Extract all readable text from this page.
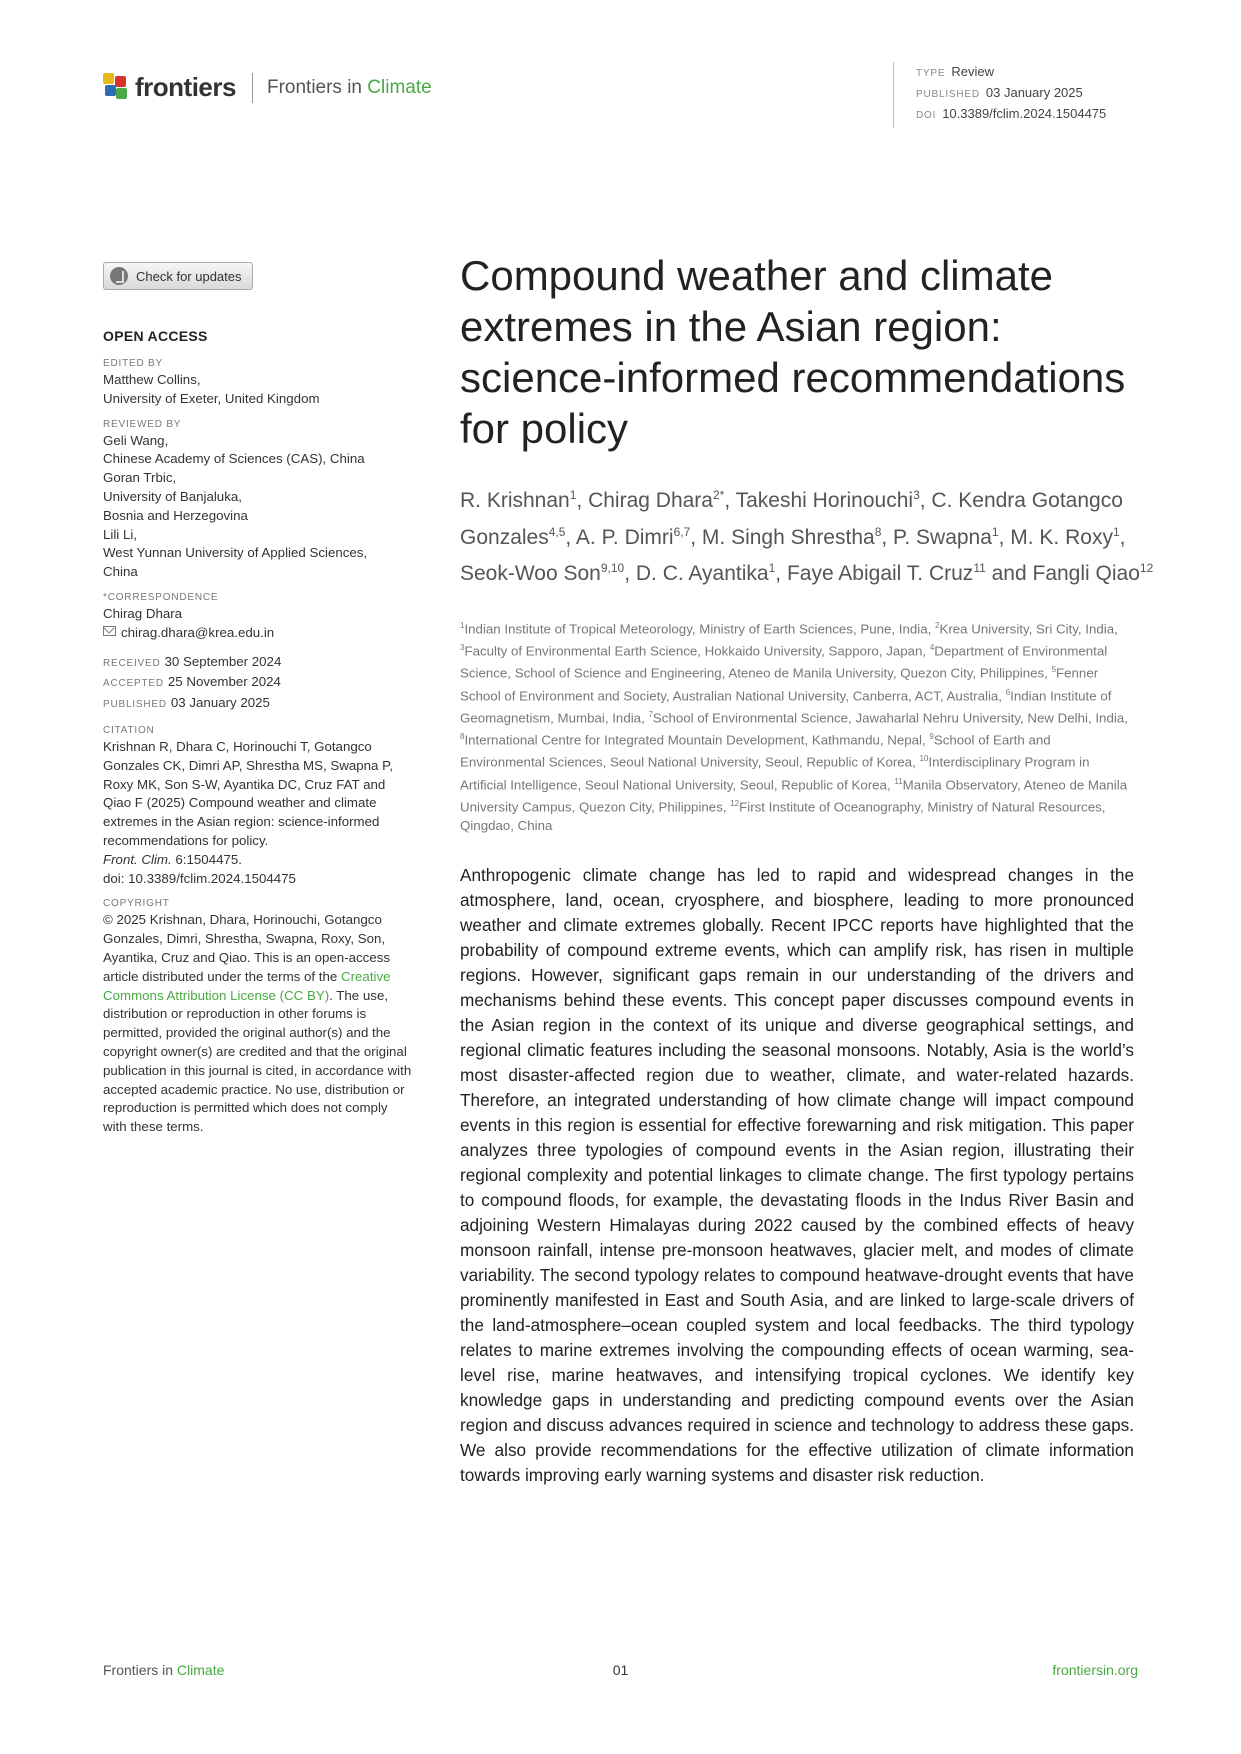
frontiers Frontiers in Climate
TYPE Review
PUBLISHED 03 January 2025
DOI 10.3389/fclim.2024.1504475
Check for updates
OPEN ACCESS
EDITED BY
Matthew Collins,
University of Exeter, United Kingdom
REVIEWED BY
Geli Wang,
Chinese Academy of Sciences (CAS), China
Goran Trbic,
University of Banjaluka,
Bosnia and Herzegovina
Lili Li,
West Yunnan University of Applied Sciences,
China
*CORRESPONDENCE
Chirag Dhara
chirag.dhara@krea.edu.in
RECEIVED 30 September 2024
ACCEPTED 25 November 2024
PUBLISHED 03 January 2025
CITATION
Krishnan R, Dhara C, Horinouchi T, Gotangco Gonzales CK, Dimri AP, Shrestha MS, Swapna P, Roxy MK, Son S-W, Ayantika DC, Cruz FAT and Qiao F (2025) Compound weather and climate extremes in the Asian region: science-informed recommendations for policy.
Front. Clim. 6:1504475.
doi: 10.3389/fclim.2024.1504475
COPYRIGHT
© 2025 Krishnan, Dhara, Horinouchi, Gotangco Gonzales, Dimri, Shrestha, Swapna, Roxy, Son, Ayantika, Cruz and Qiao. This is an open-access article distributed under the terms of the Creative Commons Attribution License (CC BY). The use, distribution or reproduction in other forums is permitted, provided the original author(s) and the copyright owner(s) are credited and that the original publication in this journal is cited, in accordance with accepted academic practice. No use, distribution or reproduction is permitted which does not comply with these terms.
Compound weather and climate extremes in the Asian region: science-informed recommendations for policy
R. Krishnan$^1$, Chirag Dhara$^{2*}$, Takeshi Horinouchi$^3$, C. Kendra Gotangco Gonzales$^{4,5}$, A. P. Dimri$^{6,7}$, M. Singh Shrestha$^8$, P. Swapna$^1$, M. K. Roxy$^1$, Seok-Woo Son$^{9,10}$, D. C. Ayantika$^1$, Faye Abigail T. Cruz$^{11}$ and Fangli Qiao$^{12}$
$^1$Indian Institute of Tropical Meteorology, Ministry of Earth Sciences, Pune, India, $^2$Krea University, Sri City, India, $^3$Faculty of Environmental Earth Science, Hokkaido University, Sapporo, Japan, $^4$Department of Environmental Science, School of Science and Engineering, Ateneo de Manila University, Quezon City, Philippines, $^5$Fenner School of Environment and Society, Australian National University, Canberra, ACT, Australia, $^6$Indian Institute of Geomagnetism, Mumbai, India, $^7$School of Environmental Science, Jawaharlal Nehru University, New Delhi, India, $^8$International Centre for Integrated Mountain Development, Kathmandu, Nepal, $^9$School of Earth and Environmental Sciences, Seoul National University, Seoul, Republic of Korea, $^{10}$Interdisciplinary Program in Artificial Intelligence, Seoul National University, Seoul, Republic of Korea, $^{11}$Manila Observatory, Ateneo de Manila University Campus, Quezon City, Philippines, $^{12}$First Institute of Oceanography, Ministry of Natural Resources, Qingdao, China
Anthropogenic climate change has led to rapid and widespread changes in the atmosphere, land, ocean, cryosphere, and biosphere, leading to more pronounced weather and climate extremes globally. Recent IPCC reports have highlighted that the probability of compound extreme events, which can amplify risk, has risen in multiple regions. However, significant gaps remain in our understanding of the drivers and mechanisms behind these events. This concept paper discusses compound events in the Asian region in the context of its unique and diverse geographical settings, and regional climatic features including the seasonal monsoons. Notably, Asia is the world’s most disaster-affected region due to weather, climate, and water-related hazards. Therefore, an integrated understanding of how climate change will impact compound events in this region is essential for effective forewarning and risk mitigation. This paper analyzes three typologies of compound events in the Asian region, illustrating their regional complexity and potential linkages to climate change. The first typology pertains to compound floods, for example, the devastating floods in the Indus River Basin and adjoining Western Himalayas during 2022 caused by the combined effects of heavy monsoon rainfall, intense pre-monsoon heatwaves, glacier melt, and modes of climate variability. The second typology relates to compound heatwave-drought events that have prominently manifested in East and South Asia, and are linked to large-scale drivers of the land-atmosphere–ocean coupled system and local feedbacks. The third typology relates to marine extremes involving the compounding effects of ocean warming, sea-level rise, marine heatwaves, and intensifying tropical cyclones. We identify key knowledge gaps in understanding and predicting compound events over the Asian region and discuss advances required in science and technology to address these gaps. We also provide recommendations for the effective utilization of climate information towards improving early warning systems and disaster risk reduction.
Frontiers in Climate	01	frontiersin.org
